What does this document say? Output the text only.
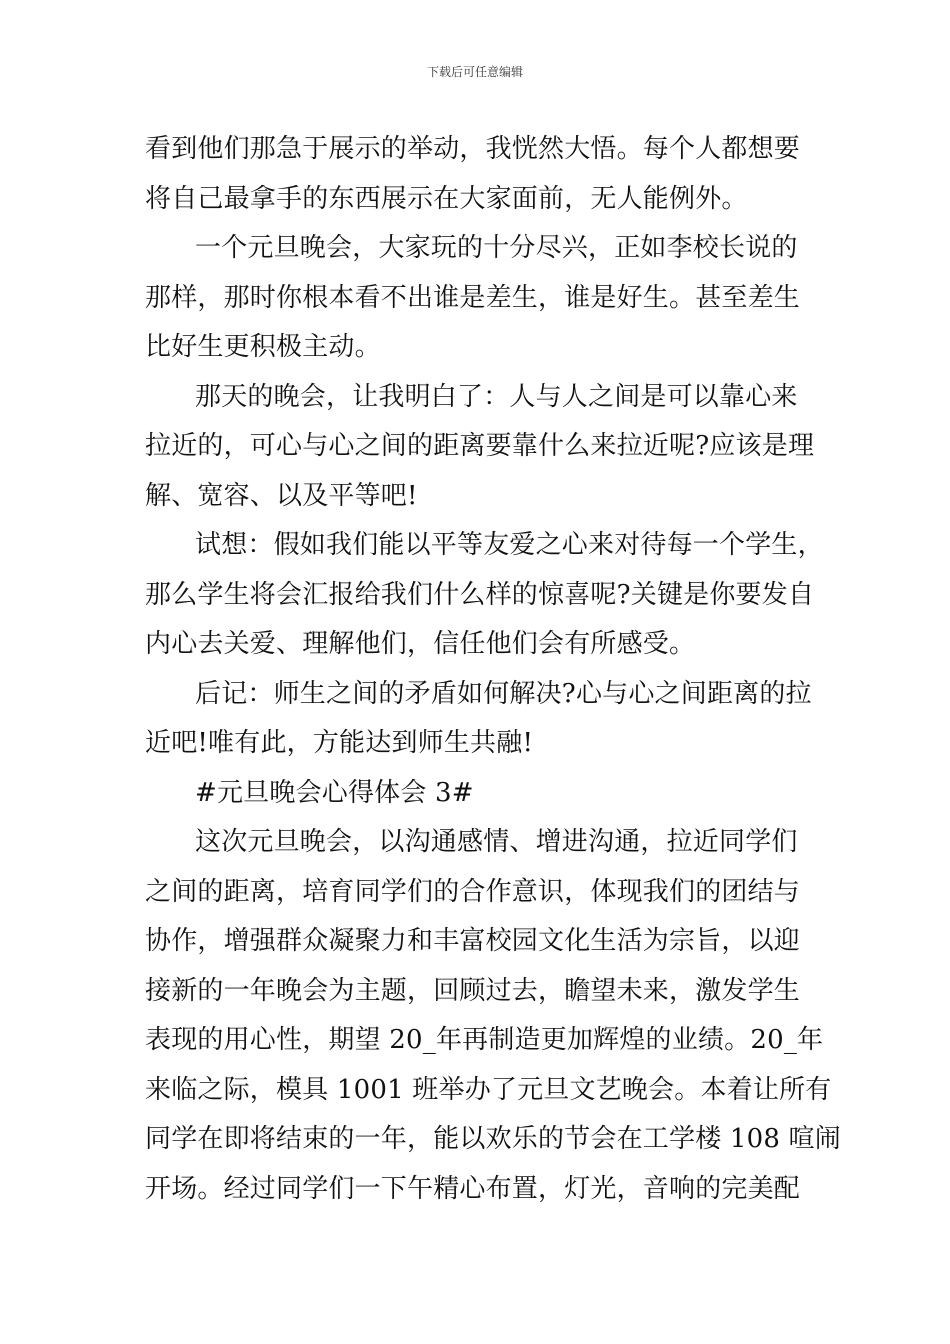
下载后可任意编辑
看到他们那急于展示的举动，我恍然大悟。每个人都想要
将自己最拿手的东西展示在大家面前，无人能例外。
一个元旦晚会，大家玩的十分尽兴，正如李校长说的
那样，那时你根本看不出谁是差生，谁是好生。甚至差生
比好生更积极主动。
那天的晚会，让我明白了：人与人之间是可以靠心来
拉近的，可心与心之间的距离要靠什么来拉近呢?应该是理
解、宽容、以及平等吧!
试想：假如我们能以平等友爱之心来对待每一个学生，
那么学生将会汇报给我们什么样的惊喜呢?关键是你要发自
内心去关爱、理解他们，信任他们会有所感受。
后记：师生之间的矛盾如何解决?心与心之间距离的拉
近吧!唯有此，方能达到师生共融!
#元旦晚会心得体会 3#
这次元旦晚会，以沟通感情、增进沟通，拉近同学们
之间的距离，培育同学们的合作意识，体现我们的团结与
协作，增强群众凝聚力和丰富校园文化生活为宗旨，以迎
接新的一年晚会为主题，回顾过去，瞻望未来，激发学生
表现的用心性，期望 20_年再制造更加辉煌的业绩。20_年
来临之际，模具 1001 班举办了元旦文艺晚会。本着让所有
同学在即将结束的一年，能以欢乐的节会在工学楼 108 喧闹
开场。经过同学们一下午精心布置，灯光，音响的完美配
